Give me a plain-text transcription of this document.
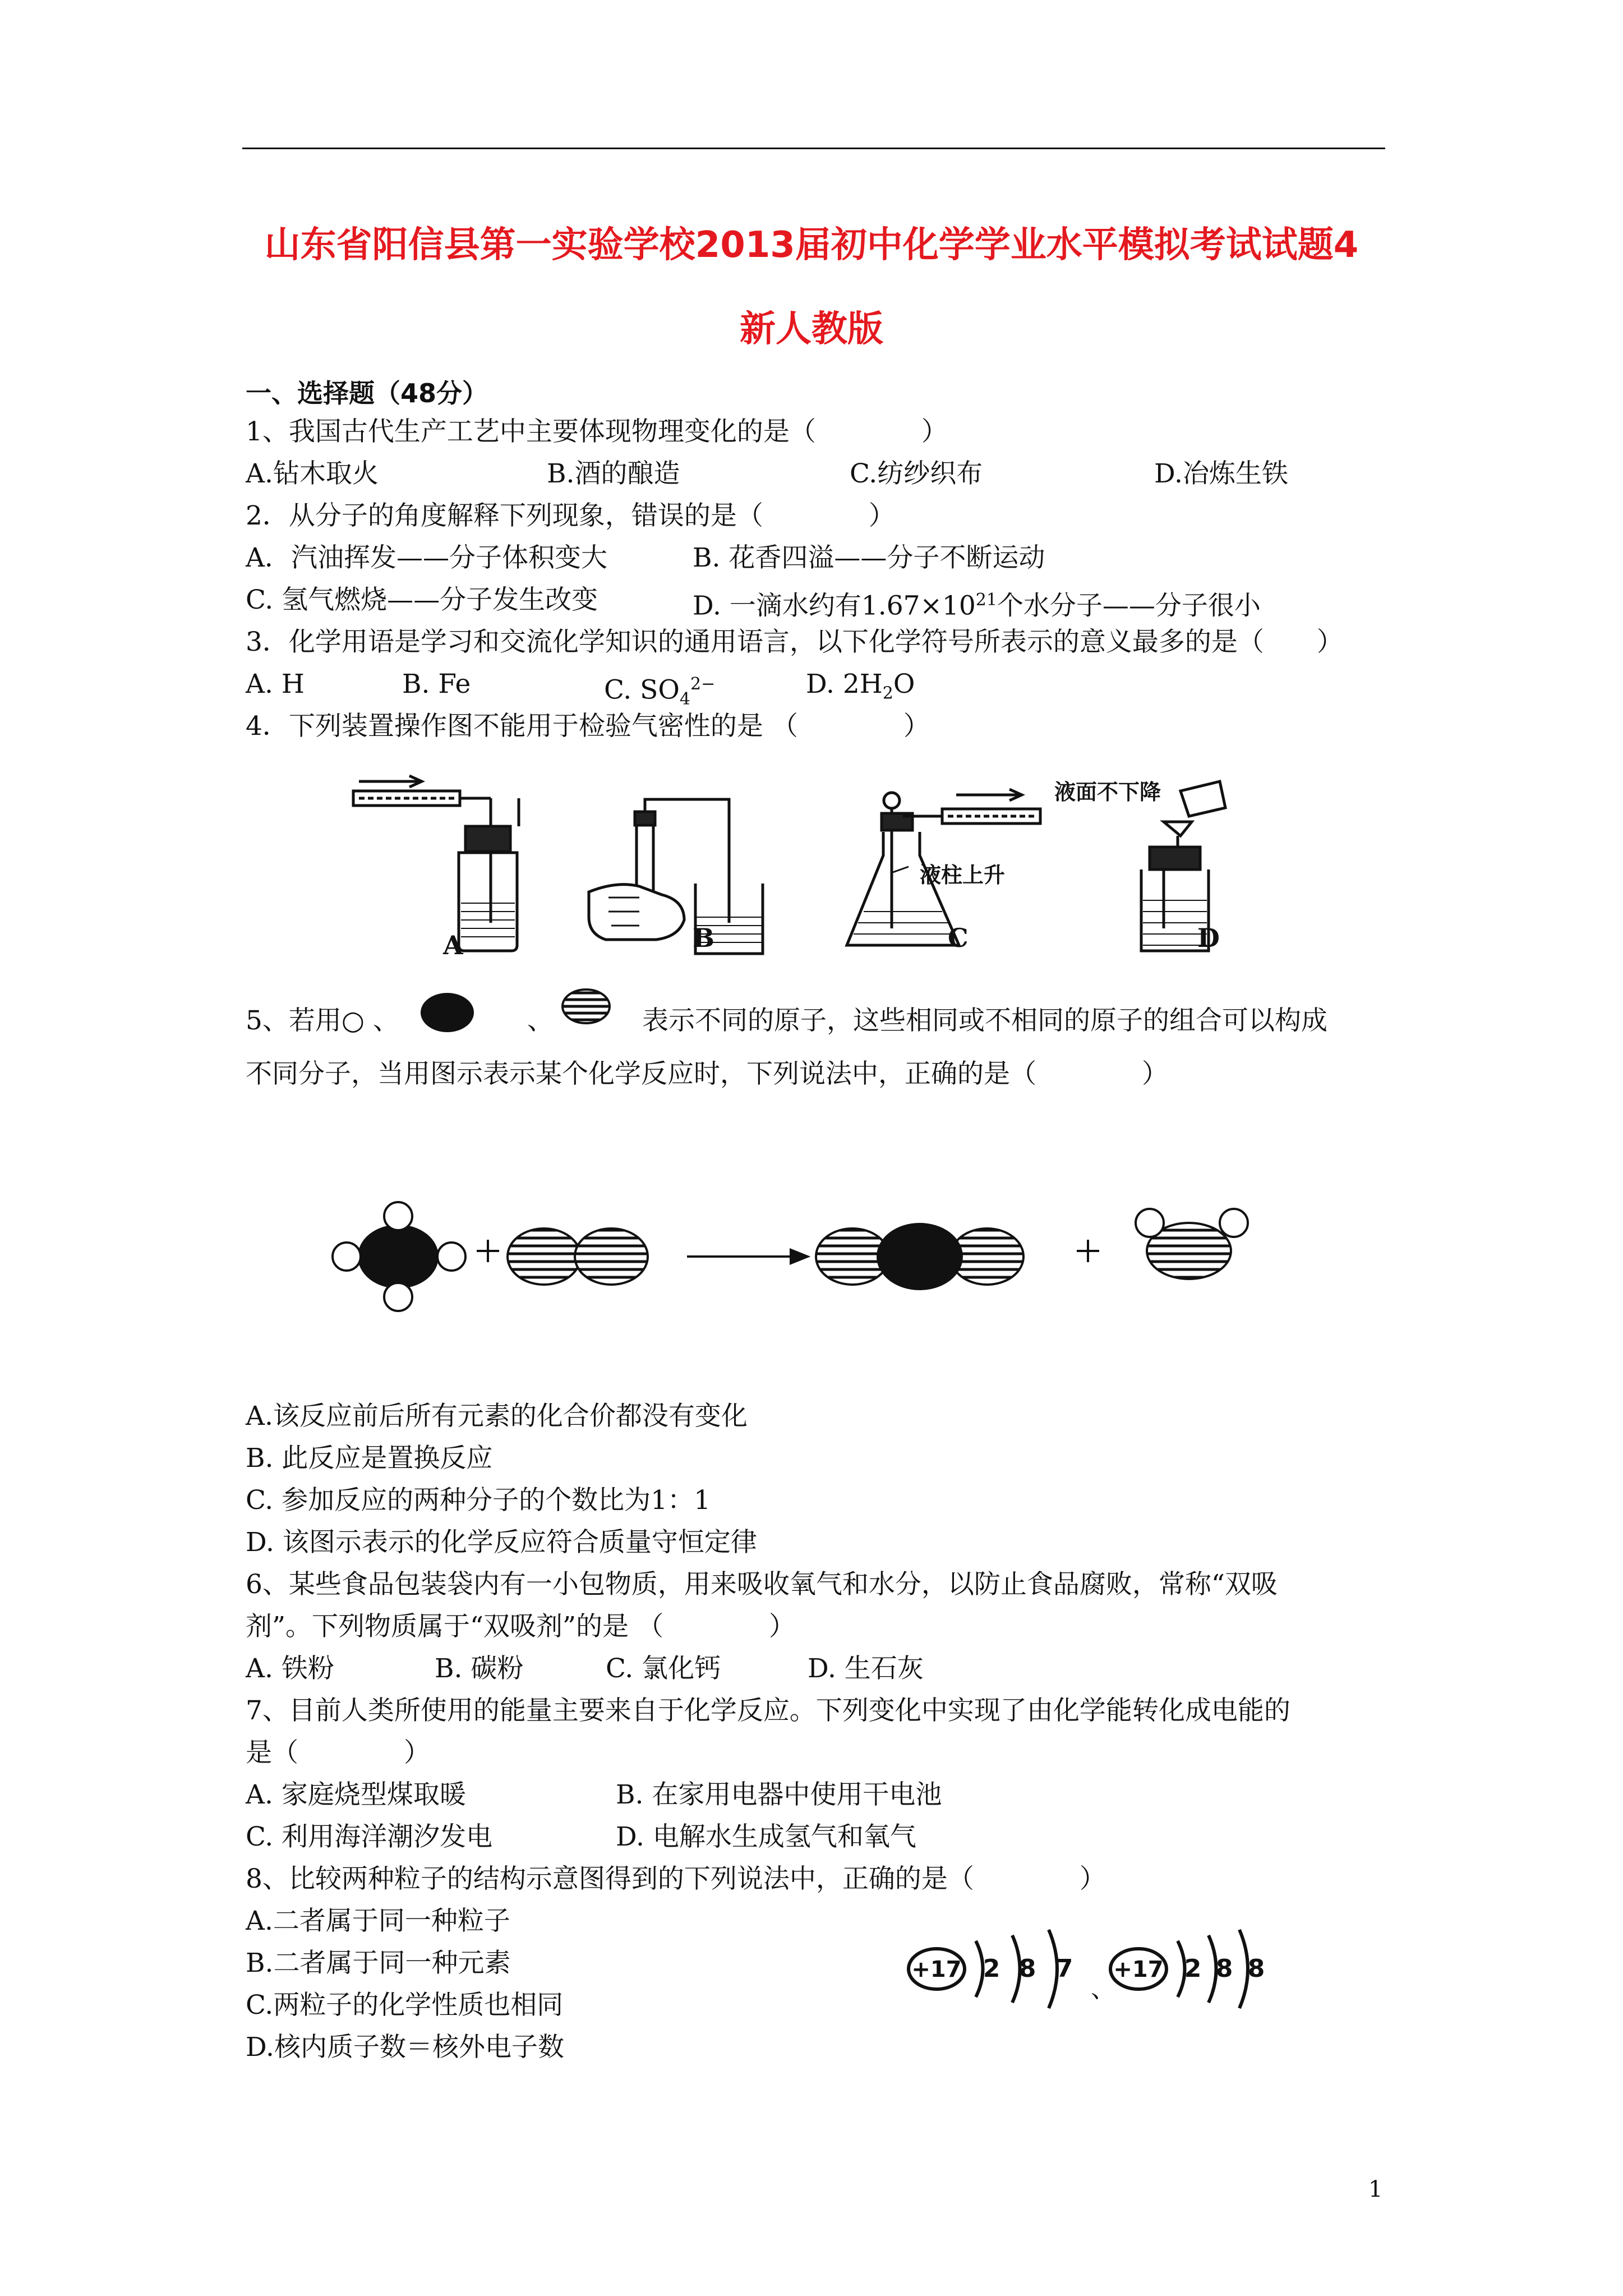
山东省阳信县第一实验学校2013届初中化学学业水平模拟考试试题4
新人教版
一、选择题（48分）
1、我国古代生产工艺中主要体现物理变化的是（　　　　）
A.钻木取火	B.酒的酿造	C.纺纱织布	D.冶炼生铁
2．从分子的角度解释下列现象，错误的是（　　　　）
A．汽油挥发——分子体积变大	B. 花香四溢——分子不断运动
C. 氢气燃烧——分子发生改变	D. 一滴水约有$1.67\times 10^{21}$个水分子——分子很小
3．化学用语是学习和交流化学知识的通用语言，以下化学符号所表示的意义最多的是（　　）
A. H	B. Fe	C. $SO_4^{2-}$	D. $2H_2O$
4．下列装置操作图不能用于检验气密性的是 （　　　　）
液柱上升
液面不下降
A	B	C	D
5、若用○ 、	、	表示不同的原子，这些相同或不相同的原子的组合可以构成
不同分子，当用图示表示某个化学反应时，下列说法中，正确的是（　　　　）
A.该反应前后所有元素的化合价都没有变化
B. 此反应是置换反应
C. 参加反应的两种分子的个数比为1：1
D. 该图示表示的化学反应符合质量守恒定律
6、某些食品包装袋内有一小包物质，用来吸收氧气和水分，以防止食品腐败，常称“双吸
剂”。下列物质属于“双吸剂”的是 （　　　　）
A. 铁粉	B. 碳粉	C. 氯化钙	D. 生石灰
7、目前人类所使用的能量主要来自于化学反应。下列变化中实现了由化学能转化成电能的
是（　　　　）
A. 家庭烧型煤取暖	B. 在家用电器中使用干电池
C. 利用海洋潮汐发电	D. 电解水生成氢气和氧气
8、比较两种粒子的结构示意图得到的下列说法中，正确的是（　　　　）
A.二者属于同一种粒子
B.二者属于同一种元素
C.两粒子的化学性质也相同
D.核内质子数＝核外电子数
+17 2 8 7
、
+17 2 8 8
1
